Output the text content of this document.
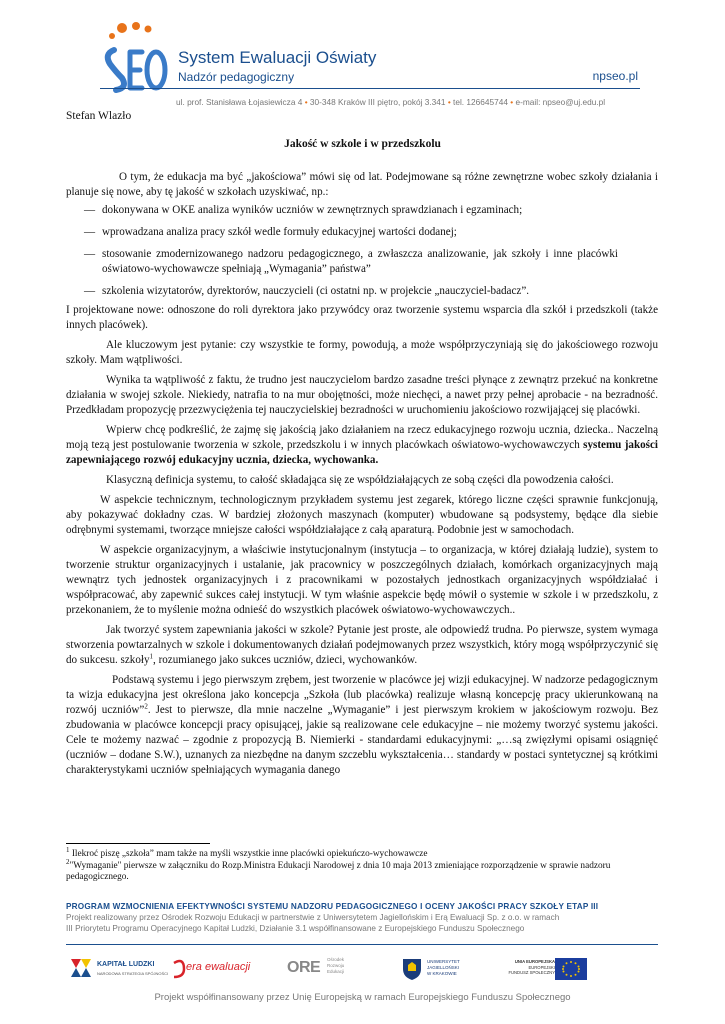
System Ewaluacji Oświaty
Nadzór pedagogiczny	npseo.pl
ul. prof. Stanisława Łojasiewicza 4 • 30-348 Kraków III piętro, pokój 3.341 • tel. 126645744 • e-mail: npseo@uj.edu.pl
Stefan Wlazło
Jakość w szkole i w przedszkolu

O tym, że edukacja ma być „jakościowa” mówi się od lat. Podejmowane są różne zewnętrzne wobec szkoły działania i planuje się nowe, aby tę jakość w szkołach uzyskiwać, np.:

— dokonywana w OKE analiza wyników uczniów w zewnętrznych sprawdzianach i egzaminach;
— wprowadzana analiza pracy szkół wedle formuły edukacyjnej wartości dodanej;
— stosowanie zmodernizowanego nadzoru pedagogicznego, a zwłaszcza analizowanie, jak szkoły i inne placówki oświatowo-wychowawcze spełniają „Wymagania” państwa”
— szkolenia wizytatorów, dyrektorów, nauczycieli (ci ostatni np. w projekcie „nauczyciel-badacz”.

I projektowane nowe: odnoszone do roli dyrektora jako przywódcy oraz tworzenie systemu wsparcia dla szkół i przedszkoli (także innych placówek).

Ale kluczowym jest pytanie: czy wszystkie te formy, powodują, a może współprzyczyniają się do jakościowego rozwoju szkoły. Mam wątpliwości.

Wynika ta wątpliwość z faktu, że trudno jest nauczycielom bardzo zasadne treści płynące z zewnątrz przekuć na konkretne działania w swojej szkole. Niekiedy, natrafia to na mur obojętności, może niechęci, a nawet przy pełnej aprobacie - na bezradność. Przedkładam propozycję przezwyciężenia tej nauczycielskiej bezradności w uruchomieniu jakościowo rozwijającej się placówki.

Wpierw chcę podkreślić, że zajmę się jakością jako działaniem na rzecz edukacyjnego rozwoju ucznia, dziecka.. Naczelną moją tezą jest postulowanie tworzenia w szkole, przedszkolu i w innych placówkach oświatowo-wychowawczych systemu jakości zapewniającego rozwój edukacyjny ucznia, dziecka, wychowanka.

Klasyczną definicja systemu, to całość składająca się ze współdziałających ze sobą części dla powodzenia całości.

W aspekcie technicznym, technologicznym przykładem systemu jest zegarek, którego liczne części sprawnie funkcjonują, aby pokazywać dokładny czas. W bardziej złożonych maszynach (komputer) wbudowane są podsystemy, będące dla siebie odrębnymi systemami, tworzące mniejsze całości współdziałające z całą aparaturą. Podobnie jest w samochodach.

W aspekcie organizacyjnym, a właściwie instytucjonalnym (instytucja – to organizacja, w której działają ludzie), system to tworzenie struktur organizacyjnych i ustalanie, jak pracownicy w poszczególnych działach, komórkach organizacyjnych mają wewnątrz tych jednostek organizacyjnych i z pracownikami w pozostałych jednostkach organizacyjnych współdziałać i współpracować, aby zapewnić sukces całej instytucji. W tym właśnie aspekcie będę mówił o systemie w szkole i w przedszkolu, z przekonaniem, że to myślenie można odnieść do wszystkich placówek oświatowo-wychowawczych..

Jak tworzyć system zapewniania jakości w szkole? Pytanie jest proste, ale odpowiedź trudna. Po pierwsze, system wymaga stworzenia powtarzalnych w szkole i dokumentowanych działań podejmowanych przez wszystkich, który mogą współprzyczynić się do sukcesu. szkoły$^1$, rozumianego jako sukces uczniów, dzieci, wychowanków.

Podstawą systemu i jego pierwszym zrębem, jest tworzenie w placówce jej wizji edukacyjnej. W nadzorze pedagogicznym ta wizja edukacyjna jest określona jako koncepcja „Szkoła (lub placówka) realizuje własną koncepcję pracy ukierunkowaną na rozwój uczniów”$^2$. Jest to pierwsze, dla mnie naczelne „Wymaganie” i jest pierwszym krokiem w jakościowym rozwoju. Bez zbudowania w placówce koncepcji pracy opisującej, jakie są realizowane cele edukacyjne – nie możemy tworzyć systemu jakości. Cele te możemy nazwać – zgodnie z propozycją B. Niemierki - standardami edukacyjnymi: „…są zwięzłymi opisami osiągnięć (uczniów – dodane S.W.), uznanych za niezbędne na danym szczeblu wykształcenia… standardy w postaci syntetycznej są krótkimi charakterystykami uczniów spełniających wymagania danego

$^1$ Ilekroć piszę „szkoła” mam także na myśli wszystkie inne placówki opiekuńczo-wychowawcze

$^2$"Wymaganie" pierwsze w załączniku do Rozp.Ministra Edukacji Narodowej z dnia 10 maja 2013 zmieniające rozporządzenie w sprawie nadzoru pedagogicznego.

PROGRAM WZMOCNIENIA EFEKTYWNOŚCI SYSTEMU NADZORU PEDAGOGICZNEGO I OCENY JAKOŚCI PRACY SZKOŁY ETAP III
Projekt realizowany przez Ośrodek Rozwoju Edukacji w partnerstwie z Uniwersytetem Jagiellońskim i Erą Ewaluacji Sp. z o.o. w ramach
III Priorytetu Programu Operacyjnego Kapitał Ludzki, Działanie 3.1 współfinansowane z Europejskiego Funduszu Społecznego
KAPITAŁ LUDZKI
NARODOWA STRATEGIA SPÓJNOŚCI
era ewaluacji ORE Ośrodek
Rozwoju
Edukacji
UNIWERSYTET
JAGIELLOŃSKI
W KRAKOWIE
UNIA EUROPEJSKA
EUROPEJSKI
FUNDUSZ SPOŁECZNY
Projekt współfinansowany przez Unię Europejską w ramach Europejskiego Funduszu Społecznego
